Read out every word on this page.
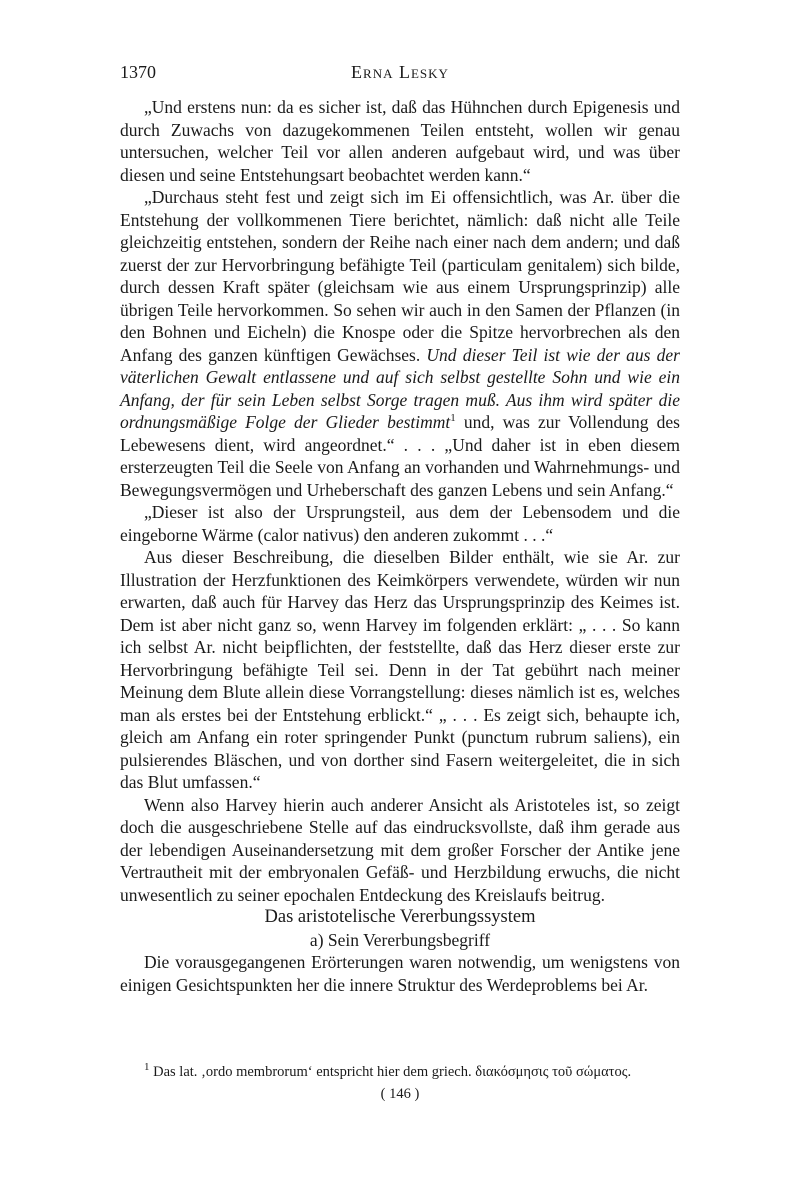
1370	Erna Lesky

„Und erstens nun: da es sicher ist, daß das Hühnchen durch Epigenesis und durch Zuwachs von dazugekommenen Teilen entsteht, wollen wir genau untersuchen, welcher Teil vor allen anderen aufgebaut wird, und was über diesen und seine Entstehungsart beobachtet werden kann.“

„Durchaus steht fest und zeigt sich im Ei offensichtlich, was Ar. über die Entstehung der vollkommenen Tiere berichtet, nämlich: daß nicht alle Teile gleichzeitig entstehen, sondern der Reihe nach einer nach dem andern; und daß zuerst der zur Hervorbringung befähigte Teil (particulam genitalem) sich bilde, durch dessen Kraft später (gleichsam wie aus einem Ursprungsprinzip) alle übrigen Teile hervorkommen. So sehen wir auch in den Samen der Pflanzen (in den Bohnen und Eicheln) die Knospe oder die Spitze hervorbrechen als den Anfang des ganzen künftigen Gewächses. Und dieser Teil ist wie der aus der väterlichen Gewalt entlassene und auf sich selbst gestellte Sohn und wie ein Anfang, der für sein Leben selbst Sorge tragen muß. Aus ihm wird später die ordnungsmäßige Folge der Glieder bestimmt$^1$ und, was zur Vollendung des Lebewesens dient, wird angeordnet.“ . . . „Und daher ist in eben diesem ersterzeugten Teil die Seele von Anfang an vorhanden und Wahrnehmungs- und Bewegungsvermögen und Urheberschaft des ganzen Lebens und sein Anfang.“

„Dieser ist also der Ursprungsteil, aus dem der Lebensodem und die eingeborne Wärme (calor nativus) den anderen zukommt . . .“

Aus dieser Beschreibung, die dieselben Bilder enthält, wie sie Ar. zur Illustration der Herzfunktionen des Keimkörpers verwendete, würden wir nun erwarten, daß auch für Harvey das Herz das Ursprungsprinzip des Keimes ist. Dem ist aber nicht ganz so, wenn Harvey im folgenden erklärt: „ . . . So kann ich selbst Ar. nicht beipflichten, der feststellte, daß das Herz dieser erste zur Hervorbringung befähigte Teil sei. Denn in der Tat gebührt nach meiner Meinung dem Blute allein diese Vorrangstellung: dieses nämlich ist es, welches man als erstes bei der Entstehung erblickt.“ „ . . . Es zeigt sich, behaupte ich, gleich am Anfang ein roter springender Punkt (punctum rubrum saliens), ein pulsierendes Bläschen, und von dorther sind Fasern weitergeleitet, die in sich das Blut umfassen.“

Wenn also Harvey hierin auch anderer Ansicht als Aristoteles ist, so zeigt doch die ausgeschriebene Stelle auf das eindrucksvollste, daß ihm gerade aus der lebendigen Auseinandersetzung mit dem großer Forscher der Antike jene Vertrautheit mit der embryonalen Gefäß- und Herzbildung erwuchs, die nicht unwesentlich zu seiner epochalen Entdeckung des Kreislaufs beitrug.

Das aristotelische Vererbungssystem

a) Sein Vererbungsbegriff

Die vorausgegangenen Erörterungen waren notwendig, um wenigstens von einigen Gesichtspunkten her die innere Struktur des Werdeproblems bei Ar.

$^1$ Das lat. ‚ordo membrorum‘ entspricht hier dem griech. διακόσμησις τοῦ σώματος.
( 146 )
